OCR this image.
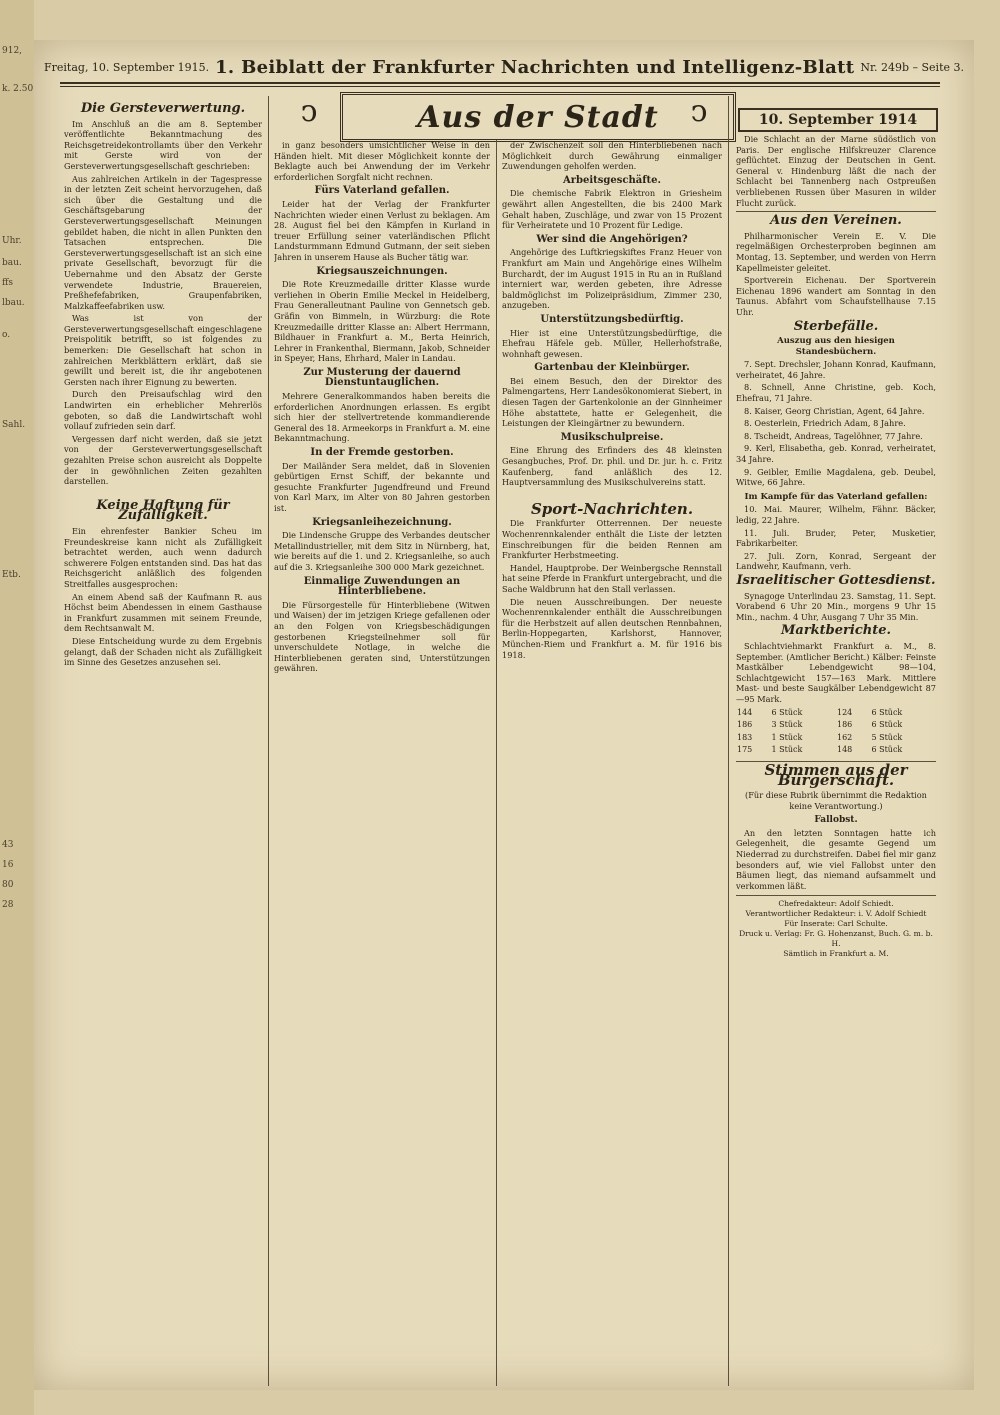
912,
k. 2.50
Uhr.
bau.
ffs
lbau.
o.
Sahl.
Etb.
43
16
80
28
Freitag, 10. September 1915. 1. Beiblatt der Frankfurter Nachrichten und Intelligenz-Blatt Nr. 249b – Seite 3.
ↄ	Aus der Stadt	ↄ	10. September 1914
Die Gersteverwertung.

Im Anschluß an die am 8. September veröffentlichte Bekanntmachung des Reichsgetreidekontrollamts über den Verkehr mit Gerste wird von der Gersteverwertungsgesellschaft geschrieben:

Aus zahlreichen Artikeln in der Tagespresse in der letzten Zeit scheint hervorzugehen, daß sich über die Gestaltung und die Geschäftsgebarung der Gersteverwertungsgesellschaft Meinungen gebildet haben, die nicht in allen Punkten den Tatsachen entsprechen. Die Gersteverwertungsgesellschaft ist an sich eine private Gesellschaft, bevorzugt für die Uebernahme und den Absatz der Gerste verwendete Industrie, Brauereien, Preßhefefabriken, Graupenfabriken, Malzkaffeefabriken usw.

Was ist von der Gersteverwertungsgesellschaft eingeschlagene Preispolitik betrifft, so ist folgendes zu bemerken: Die Gesellschaft hat schon in zahlreichen Merkblättern erklärt, daß sie gewillt und bereit ist, die ihr angebotenen Gersten nach ihrer Eignung zu bewerten.

Durch den Preisaufschlag wird den Landwirten ein erheblicher Mehrerlös geboten, so daß die Landwirtschaft wohl vollauf zufrieden sein darf.

Vergessen darf nicht werden, daß sie jetzt von der Gersteverwertungsgesellschaft gezahlten Preise schon ausreicht als Doppelte der in gewöhnlichen Zeiten gezahlten darstellen.

Keine Haftung für Zufälligkeit.

Ein ehrenfester Bankier Scheu im Freundeskreise kann nicht als Zufälligkeit betrachtet werden, auch wenn dadurch schwerere Folgen entstanden sind. Das hat das Reichsgericht anläßlich des folgenden Streitfalles ausgesprochen:

An einem Abend saß der Kaufmann R. aus Höchst beim Abendessen in einem Gasthause in Frankfurt zusammen mit seinem Freunde, dem Rechtsanwalt M.

Diese Entscheidung wurde zu dem Ergebnis gelangt, daß der Schaden nicht als Zufälligkeit im Sinne des Gesetzes anzusehen sei.

in ganz besonders umsichtlicher Weise in den Händen hielt. Mit dieser Möglichkeit konnte der Beklagte auch bei Anwendung der im Verkehr erforderlichen Sorgfalt nicht rechnen.

Fürs Vaterland gefallen.

Leider hat der Verlag der Frankfurter Nachrichten wieder einen Verlust zu beklagen. Am 28. August fiel bei den Kämpfen in Kurland in treuer Erfüllung seiner vaterländischen Pflicht Landsturmmann Edmund Gutmann, der seit sieben Jahren in unserem Hause als Bucher tätig war.

Kriegsauszeichnungen.

Die Rote Kreuzmedaille dritter Klasse wurde verliehen in Oberin Emilie Meckel in Heidelberg, Frau Generalleutnant Pauline von Gennetsch geb. Gräfin von Bimmeln, in Würzburg: die Rote Kreuzmedaille dritter Klasse an: Albert Herrmann, Bildhauer in Frankfurt a. M., Berta Heinrich, Lehrer in Frankenthal, Biermann, Jakob, Schneider in Speyer, Hans, Ehrhard, Maler in Landau.

Zur Musterung der dauernd Dienstuntauglichen.

Mehrere Generalkommandos haben bereits die erforderlichen Anordnungen erlassen. Es ergibt sich hier der stellvertretende kommandierende General des 18. Armeekorps in Frankfurt a. M. eine Bekanntmachung.

In der Fremde gestorben.

Der Mailänder Sera meldet, daß in Slovenien gebürtigen Ernst Schiff, der bekannte und gesuchte Frankfurter Jugendfreund und Freund von Karl Marx, im Alter von 80 Jahren gestorben ist.

Kriegsanleihezeichnung.

Die Lindensche Gruppe des Verbandes deutscher Metallindustrieller, mit dem Sitz in Nürnberg, hat, wie bereits auf die 1. und 2. Kriegsanleihe, so auch auf die 3. Kriegsanleihe 300 000 Mark gezeichnet.

Einmalige Zuwendungen an Hinterbliebene.

Die Fürsorgestelle für Hinterbliebene (Witwen und Waisen) der im jetzigen Kriege gefallenen oder an den Folgen von Kriegsbeschädigungen gestorbenen Kriegsteilnehmer soll für unverschuldete Notlage, in welche die Hinterbliebenen geraten sind, Unterstützungen gewähren.

der Zwischenzeit soll den Hinterbliebenen nach Möglichkeit durch Gewährung einmaliger Zuwendungen geholfen werden.

Arbeitsgeschäfte.

Die chemische Fabrik Elektron in Griesheim gewährt allen Angestellten, die bis 2400 Mark Gehalt haben, Zuschläge, und zwar von 15 Prozent für Verheiratete und 10 Prozent für Ledige.

Wer sind die Angehörigen?

Angehörige des Luftkriegskiftes Franz Heuer von Frankfurt am Main und Angehörige eines Wilhelm Burchardt, der im August 1915 in Ru an in Rußland interniert war, werden gebeten, ihre Adresse baldmöglichst im Polizeipräsidium, Zimmer 230, anzugeben.

Unterstützungsbedürftig.

Hier ist eine Unterstützungsbedürftige, die Ehefrau Häfele geb. Müller, Hellerhofstraße, wohnhaft gewesen.

Gartenbau der Kleinbürger.

Bei einem Besuch, den der Direktor des Palmengartens, Herr Landesökonomierat Siebert, in diesen Tagen der Gartenkolonie an der Ginnheimer Höhe abstattete, hatte er Gelegenheit, die Leistungen der Kleingärtner zu bewundern.

Musikschulpreise.

Eine Ehrung des Erfinders des 48 kleinsten Gesangbuches, Prof. Dr. phil. und Dr. jur. h. c. Fritz Kaufenberg, fand anläßlich des 12. Hauptversammlung des Musikschulvereins statt.

Sport-Nachrichten.

Die Frankfurter Otterrennen. Der neueste Wochenrennkalender enthält die Liste der letzten Einschreibungen für die beiden Rennen am Frankfurter Herbstmeeting.

Handel, Hauptprobe. Der Weinbergsche Rennstall hat seine Pferde in Frankfurt untergebracht, und die Sache Waldbrunn hat den Stall verlassen.

Die neuen Ausschreibungen. Der neueste Wochenrennkalender enthält die Ausschreibungen für die Herbstzeit auf allen deutschen Rennbahnen, Berlin-Hoppegarten, Karlshorst, Hannover, München-Riem und Frankfurt a. M. für 1916 bis 1918.

Die Schlacht an der Marne südöstlich von Paris. Der englische Hilfskreuzer Clarence geflüchtet. Einzug der Deutschen in Gent. General v. Hindenburg läßt die nach der Schlacht bei Tannenberg nach Ostpreußen verbliebenen Russen über Masuren in wilder Flucht zurück.

Aus den Vereinen.

Philharmonischer Verein E. V. Die regelmäßigen Orchesterproben beginnen am Montag, 13. September, und werden von Herrn Kapellmeister geleitet.

Sportverein Eichenau. Der Sportverein Eichenau 1896 wandert am Sonntag in den Taunus. Abfahrt vom Schaufstellhause 7.15 Uhr.

Sterbefälle.
Auszug aus den hiesigen Standesbüchern.

7. Sept. Drechsler, Johann Konrad, Kaufmann, verheiratet, 46 Jahre.

8. Schnell, Anne Christine, geb. Koch, Ehefrau, 71 Jahre.

8. Kaiser, Georg Christian, Agent, 64 Jahre.

8. Oesterlein, Friedrich Adam, 8 Jahre.

8. Tscheidt, Andreas, Tagelöhner, 77 Jahre.

9. Kerl, Elisabetha, geb. Konrad, verheiratet, 34 Jahre.

9. Geibler, Emilie Magdalena, geb. Deubel, Witwe, 66 Jahre.

Im Kampfe für das Vaterland gefallen:

10. Mai. Maurer, Wilhelm, Fähnr. Bäcker, ledig, 22 Jahre.

11. Juli. Bruder, Peter, Musketier, Fabrikarbeiter.

27. Juli. Zorn, Konrad, Sergeant der Landwehr, Kaufmann, verh.

Israelitischer Gottesdienst.

Synagoge Unterlindau 23. Samstag, 11. Sept. Vorabend 6 Uhr 20 Min., morgens 9 Uhr 15 Min., nachm. 4 Uhr, Ausgang 7 Uhr 35 Min.

Marktberichte.

Schlachtviehmarkt Frankfurt a. M., 8. September. (Amtlicher Bericht.) Kälber: Feinste Mastkälber Lebendgewicht 98—104, Schlachtgewicht 157—163 Mark. Mittlere Mast- und beste Saugkälber Lebendgewicht 87—95 Mark.

144	6 Stück	124	6 Stück
186	3 Stück	186	6 Stück
183	1 Stück	162	5 Stück
175	1 Stück	148	6 Stück
Stimmen aus der Bürgerschaft.

(Für diese Rubrik übernimmt die Redaktion keine Verantwortung.)

Fallobst.

An den letzten Sonntagen hatte ich Gelegenheit, die gesamte Gegend um Niederrad zu durchstreifen. Dabei fiel mir ganz besonders auf, wie viel Fallobst unter den Bäumen liegt, das niemand aufsammelt und verkommen läßt.

Chefredakteur: Adolf Schiedt.
Verantwortlicher Redakteur: i. V. Adolf Schiedt
Für Inserate: Carl Schulte.
Druck u. Verlag: Fr. G. Hohenzanst, Buch. G. m. b. H.
Sämtlich in Frankfurt a. M.
